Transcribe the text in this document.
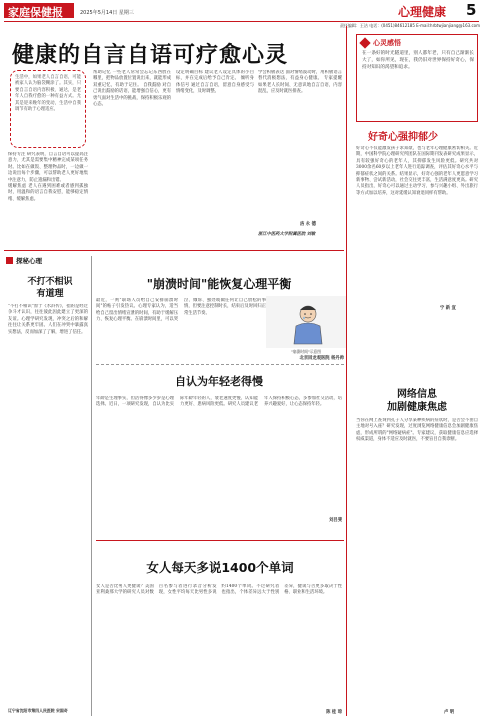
家庭保健报	2025年5月14日 星期三	心理健康 5
责任编辑：王洁 电话：(0451)84612185 E-mail:hrbtwjianjiang@163.com
健康的自言自语可疗愈心灵
生活中，如果老人自言自语，可能被家人认为脑袋糊涂了。其实，只要自言自语内容积极、通达，是老年人自我疗愈的一种有益方式。尤其是迎来晚年的变动，生活中自我调节有助于心理适应。
保持专注 研究表明，自言自语可以提高注意力，尤其是需要集中精神完成某项任务时。比如在做饭、整理物品时，一边做一边说出每个步骤，可以帮助老人更好地集中注意力，防止遗漏和出错。
缓解焦虑 老人在遇到困难或者感到孤独时，用温和的语言自我安慰，能够稳定情绪、缓解焦虑。
帮助记忆 一些老人常常会忘记东西放在哪里，把物品放置位置说出来，就能形成双重记忆，有助于记住。 自我鼓励 对自己说出鼓励的话语，能增强自信心，更有勇气面对生活中的挑战，保持积极乐观的心态。
设定明确目标 建议老人设定具体的小目标，并在完成后给予自己肯定。 倾听身体信号 通过自言自语，留意自身感受与情绪变化，及时调整。
学会积极表达 面对情绪波动时，用积极语言替代消极想法，有益身心健康。 专家提醒 如果老人长时间、无意识地自言自语，内容混乱，应及时就医排查。
洁 永 德
浙江中医药大学附属医院 刘敏
心灵感悟
在一条好的时光隧道里，别人都年老，只有自己渐渐长大了，如你所见，现在，我仍旧对世界保持好奇心，保持对知识的渴望和追求。
好奇心强抑郁少
好奇心不仅能激发孩子求知欲，也与老年心理健康密切相关。近期，中国科学院心理研究所团队在国际期刊发表研究成果显示，具有较强好奇心的老年人，其抑郁发生风险更低。研究共对3000余名60岁以上老年人进行追踪调查，评估其好奇心水平与抑郁症状之间的关系。结果显示，好奇心强的老年人更愿意学习新事物、尝试新活动，社会交往更丰富，生活满意度更高。研究人员指出，好奇心可以通过主动学习、参与兴趣小组、外出旅行等方式加以培养，这对延缓认知衰退同样有帮助。
宁 新 宣
探秘心理
不打不相识
有道理
"不打不相识"原于《水浒传》，指的是经过争斗才认识，往往彼此因此建立了更深的友谊。心理学研究发现，冲突之后的和解往往让关系更牢固。人们在冲突中暴露真实想法，反而加深了了解，增进了信任。
辽宁省沈阳市第四人民医院 宋国奇
"崩溃时间"能恢复心理平衡
最近，一则"职场人员给自己安排崩溃时间"的帖子引发热议。心理专家认为，适当给自己留出情绪宣泄的时间，有助于缓解压力、恢复心理平衡。在崩溃时间里，可以哭泣、倾诉、独处或做任何让自己放松的事情，但要注意控制时长，结束后及时回归正常生活节奏。
"崩溃时间"示意图
北京回龙观医院 杨丹帅
自认为年轻老得慢
年龄是生理事实，但活得像多少岁是心理选择。近日，一项研究发现，自认为比实际年龄年轻的人，衰老速度更慢、认知能力更好、患病风险更低。研究人员建议老年人保持积极心态，多参加社交活动，培养兴趣爱好，让心态保持年轻。
刘吕斐
女人每天多说1400个单词
女人是否比男人更健谈？美国亚利桑那大学的研究人员对数百名参与者进行录音分析发现，女性平均每天比男性多说约1400个单词。不过研究者也指出，个体差异远大于性别差异，健谈与否更多取决于性格、职业和生活环境。
陈 桂 琼
网络信息
加剧健康焦虑
当你在网上查询到孔子人分享某种疾病的症状时，是否会不由自主地对号入座？研究发现，过度浏览网络健康信息会加剧健康焦虑，形成所谓的"网络疑病症"。专家建议，获取健康信息应选择权威渠道，身体不适应及时就医，不要盲目自我诊断。
卢 明
